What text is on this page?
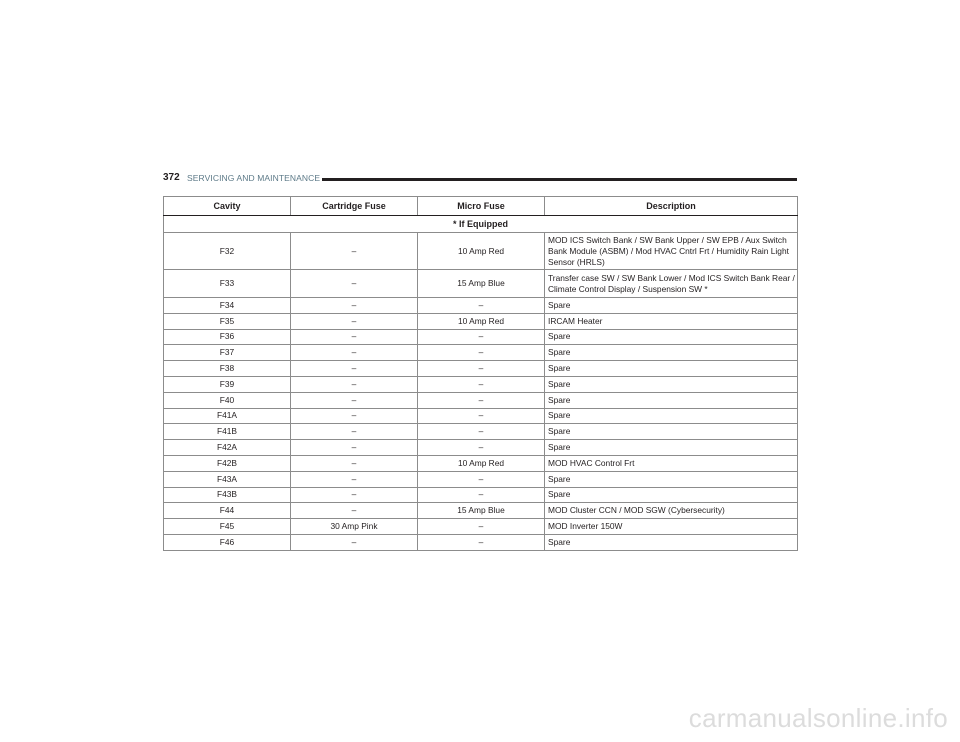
372 SERVICING AND MAINTENANCE
Cavity	Cartridge Fuse	Micro Fuse	Description
* If Equipped			
F32	–	10 Amp Red	MOD ICS Switch Bank / SW Bank Upper / SW EPB / Aux Switch Bank Module (ASBM) / Mod HVAC Cntrl Frt / Humidity Rain Light Sensor (HRLS)
F33	–	15 Amp Blue	Transfer case SW / SW Bank Lower / Mod ICS Switch Bank Rear / Climate Control Display / Suspension SW *
F34	–	–	Spare
F35	–	10 Amp Red	IRCAM Heater
F36	–	–	Spare
F37	–	–	Spare
F38	–	–	Spare
F39	–	–	Spare
F40	–	–	Spare
F41A	–	–	Spare
F41B	–	–	Spare
F42A	–	–	Spare
F42B	–	10 Amp Red	MOD HVAC Control Frt
F43A	–	–	Spare
F43B	–	–	Spare
F44	–	15 Amp Blue	MOD Cluster CCN / MOD SGW (Cybersecurity)
F45	30 Amp Pink	–	MOD Inverter 150W
F46	–	–	Spare
carmanualsonline.info
